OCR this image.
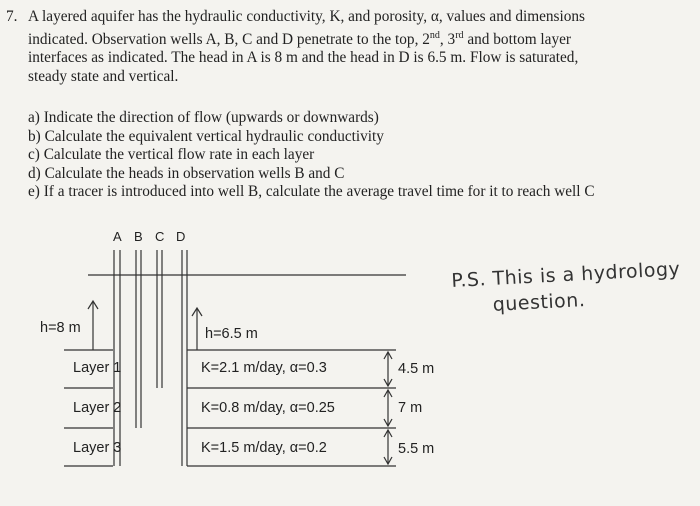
7. A layered aquifer has the hydraulic conductivity, K, and porosity, α, values and dimensions
indicated. Observation wells A, B, C and D penetrate to the top, 2nd, 3rd and bottom layer
interfaces as indicated. The head in A is 8 m and the head in D is 6.5 m. Flow is saturated,
steady state and vertical.
a) Indicate the direction of flow (upwards or downwards)
b) Calculate the equivalent vertical hydraulic conductivity
c) Calculate the vertical flow rate in each layer
d) Calculate the heads in observation wells B and C
e) If a tracer is introduced into well B, calculate the average travel time for it to reach well C
A B C D
h=8 m	h=6.5 m
Layer 1	K=2.1 m/day, α=0.3	4.5 m
Layer 2	K=0.8 m/day, α=0.25	7 m
Layer 3	K=1.5 m/day, α=0.2	5.5 m
P.S. This is a hydrology
question.
